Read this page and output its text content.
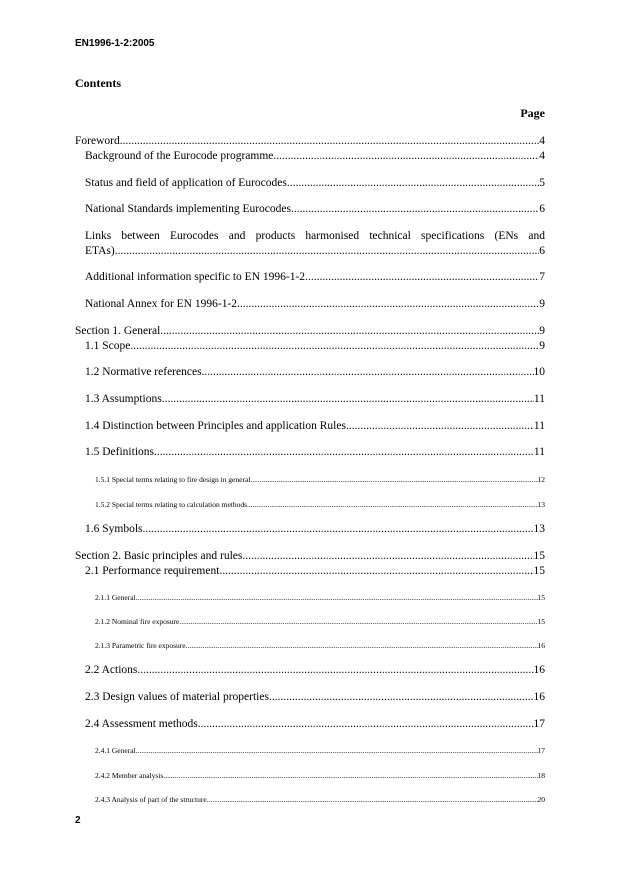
EN1996-1-2:2005
Contents
Page
Foreword .....	4
Background of the Eurocode programme .....	4
Status and field of application of Eurocodes .....	5
National Standards implementing Eurocodes .....	6
Links between Eurocodes and products harmonised technical specifications (ENs and
ETAs) .....	6
Additional information specific to EN 1996-1-2 .....	7
National Annex for EN 1996-1-2 .....	9
Section 1. General .....	9
1.1 Scope .....	9
1.2 Normative references .....	10
1.3 Assumptions .....	11
1.4 Distinction between Principles and application Rules .....	11
1.5 Definitions .....	11
1.5.1 Special terms relating to fire design in general .....	12
1.5.2 Special terms relating to calculation methods .....	13
1.6 Symbols .....	13
Section 2. Basic principles and rules .....	15
2.1 Performance requirement .....	15
2.1.1 General .....	15
2.1.2 Nominal fire exposure .....	15
2.1.3 Parametric fire exposure .....	16
2.2 Actions .....	16
2.3 Design values of material properties .....	16
2.4 Assessment methods .....	17
2.4.1 General .....	17
2.4.2 Member analysis .....	18
2.4.3 Analysis of part of the structure .....	20
2
